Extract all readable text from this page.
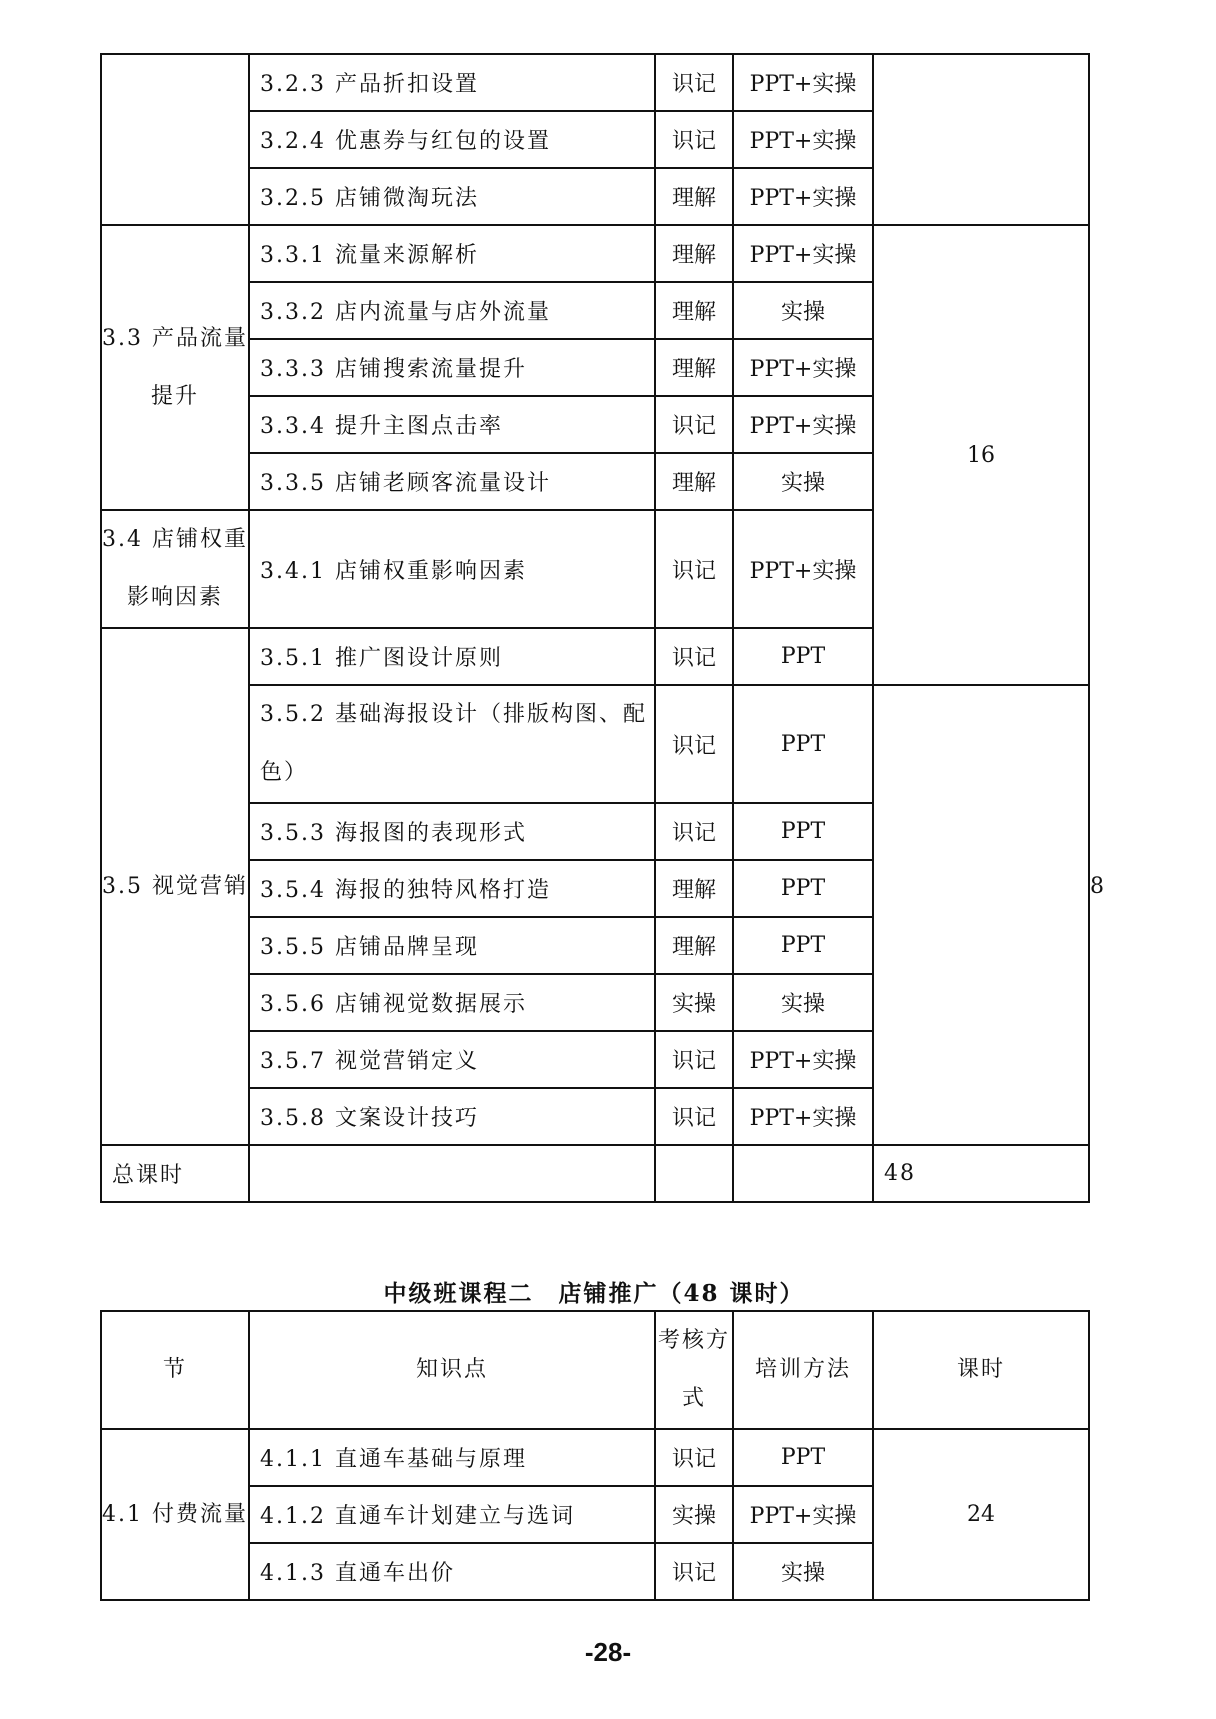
	3.2.3 产品折扣设置	识记	PPT+实操		
	3.2.4 优惠券与红包的设置	识记	PPT+实操		
	3.2.5 店铺微淘玩法	理解	PPT+实操		
3.3 产品流量提升	3.3.1 流量来源解析	理解	PPT+实操	16	
	3.3.2 店内流量与店外流量	理解	实操		
	3.3.3 店铺搜索流量提升	理解	PPT+实操		
	3.3.4 提升主图点击率	识记	PPT+实操		
	3.3.5 店铺老顾客流量设计	理解	实操		
3.4 店铺权重影响因素	3.4.1 店铺权重影响因素	识记	PPT+实操		
3.5 视觉营销	3.5.1 推广图设计原则	识记	PPT		8
	3.5.2 基础海报设计（排版构图、配色）	识记	PPT		
	3.5.3 海报图的表现形式	识记	PPT		
	3.5.4 海报的独特风格打造	理解	PPT		
	3.5.5 店铺品牌呈现	理解	PPT		
	3.5.6 店铺视觉数据展示	实操	实操		
	3.5.7 视觉营销定义	识记	PPT+实操		
	3.5.8 文案设计技巧	识记	PPT+实操		
总课时				48	
中级班课程二　店铺推广（48 课时）
节	知识点	考核方式	培训方法	课时
4.1 付费流量	4.1.1 直通车基础与原理	识记	PPT	24
	4.1.2 直通车计划建立与选词	实操	PPT+实操	
	4.1.3 直通车出价	识记	实操	
-28-
